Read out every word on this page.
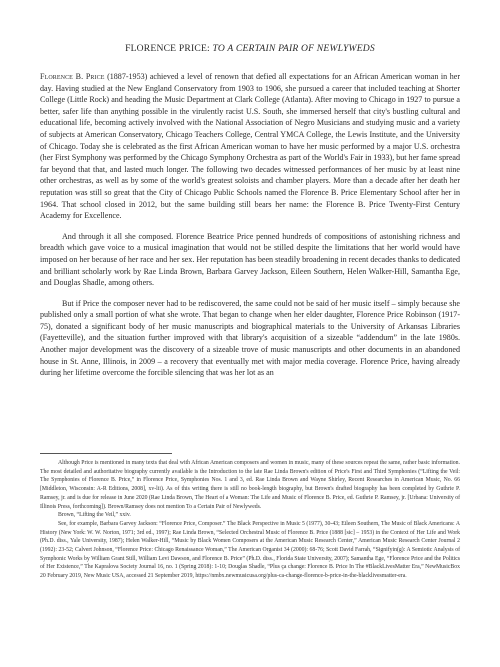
FLORENCE PRICE: TO A CERTAIN PAIR OF NEWLYWEDS

Florence B. Price (1887-1953) achieved a level of renown that defied all expectations for an African American woman in her day. Having studied at the New England Conservatory from 1903 to 1906, she pursued a career that included teaching at Shorter College (Little Rock) and heading the Music Department at Clark College (Atlanta). After moving to Chicago in 1927 to pursue a better, safer life than anything possible in the virulently racist U.S. South, she immersed herself that city's bustling cultural and educational life, becoming actively involved with the National Association of Negro Musicians and studying music and a variety of subjects at American Conservatory, Chicago Teachers College, Central YMCA College, the Lewis Institute, and the University of Chicago. Today she is celebrated as the first African American woman to have her music performed by a major U.S. orchestra (her First Symphony was performed by the Chicago Symphony Orchestra as part of the World's Fair in 1933), but her fame spread far beyond that that, and lasted much longer. The following two decades witnessed performances of her music by at least nine other orchestras, as well as by some of the world's greatest soloists and chamber players. More than a decade after her death her reputation was still so great that the City of Chicago Public Schools named the Florence B. Price Elementary School after her in 1964. That school closed in 2012, but the same building still bears her name: the Florence B. Price Twenty-First Century Academy for Excellence.

And through it all she composed. Florence Beatrice Price penned hundreds of compositions of astonishing richness and breadth which gave voice to a musical imagination that would not be stilled despite the limitations that her world would have imposed on her because of her race and her sex. Her reputation has been steadily broadening in recent decades thanks to dedicated and brilliant scholarly work by Rae Linda Brown, Barbara Garvey Jackson, Eileen Southern, Helen Walker-Hill, Samantha Ege, and Douglas Shadle, among others.

But if Price the composer never had to be rediscovered, the same could not be said of her music itself – simply because she published only a small portion of what she wrote. That began to change when her elder daughter, Florence Price Robinson (1917-75), donated a significant body of her music manuscripts and biographical materials to the University of Arkansas Libraries (Fayetteville), and the situation further improved with that library's acquisition of a sizeable “addendum” in the late 1980s. Another major development was the discovery of a sizeable trove of music manuscripts and other documents in an abandoned house in St. Anne, Illinois, in 2009 – a recovery that eventually met with major media coverage. Florence Price, having already during her lifetime overcome the forcible silencing that was her lot as an

Although Price is mentioned in many texts that deal with African American composers and women in music, many of these sources repeat the same, rather basic information. The most detailed and authoritative biography currently available is the Introduction to the late Rae Linda Brown's edition of Price's First and Third Symphonies (“Lifting the Veil: The Symphonies of Florence B. Price,” in Florence Price, Symphonies Nos. 1 and 3, ed. Rae Linda Brown and Wayne Shirley, Recent Researches in American Music, No. 66 [Middleton, Wisconsin: A-R Editions, 2008], xv-lii). As of this writing there is still no book-length biography, but Brown's drafted biography has been completed by Guthrie P. Ramsey, jr. and is due for release in June 2020 (Rae Linda Brown, The Heart of a Woman: The Life and Music of Florence B. Price, ed. Guthrie P. Ramsey, jr. [Urbana: University of Illinois Press, forthcoming]). Brown/Ramsey does not mention To a Certain Pair of Newlyweds.

Brown, “Lifting the Veil,” xxiv.

See, for example, Barbara Garvey Jackson: “Florence Price, Composer.” The Black Perspective in Music 5 (1977), 30-43; Eileen Southern, The Music of Black Americans: A History (New York: W. W. Norton, 1971; 3rd ed., 1997); Rae Linda Brown, “Selected Orchestral Music of Florence B. Price (1888 [sic] – 1953) in the Context of Her Life and Work (Ph.D. diss., Yale University, 1987); Helen Walker-Hill, “Music by Black Women Composers at the American Music Research Center,” American Music Research Center Journal 2 (1992): 23-52; Calvert Johnson, “Florence Price: Chicago Renaissance Woman,” The American Organist 34 (2000): 68-76; Scott David Farrah, “Signifyin(g): A Semiotic Analysis of Symphonic Works by William Grant Still, William Levi Dawson, and Florence B. Price” (Ph.D. diss., Florida State University, 2007); Samantha Ege, “Florence Price and the Politics of Her Existence,” The Kapralova Society Journal 16, no. 1 (Spring 2018): 1-10; Douglas Shadle, “Plus ça change: Florence B. Price In The #BlackLivesMatter Era,” NewMusicBox 20 February 2019, New Music USA, accessed 21 September 2019, https://nmbx.newmusicusa.org/plus-ca-change-florence-b-price-in-the-blacklivesmatter-era.
